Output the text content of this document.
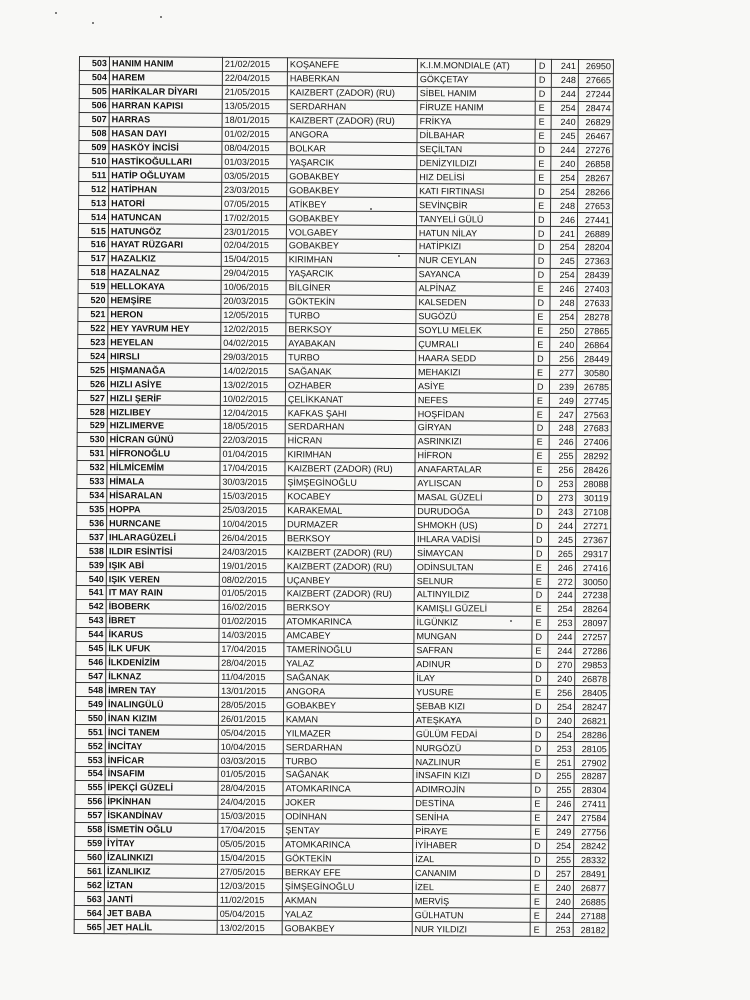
503	HANIM HANIM	21/02/2015	KOŞANEFE	K.I.M.MONDIALE (AT)	D	241	26950
504	HAREM	22/04/2015	HABERKAN	GÖKÇETAY	D	248	27665
505	HARİKALAR DİYARI	21/05/2015	KAIZBERT (ZADOR) (RU)	SİBEL HANIM	D	244	27244
506	HARRAN KAPISI	13/05/2015	SERDARHAN	FİRUZE HANIM	E	254	28474
507	HARRAS	18/01/2015	KAIZBERT (ZADOR) (RU)	FRİKYA	E	240	26829
508	HASAN DAYI	01/02/2015	ANGORA	DİLBAHAR	E	245	26467
509	HASKÖY İNCİSİ	08/04/2015	BOLKAR	SEÇİLTAN	D	244	27276
510	HASTİKOĞULLARI	01/03/2015	YAŞARCIK	DENİZYILDIZI	E	240	26858
511	HATİP OĞLUYAM	03/05/2015	GOBAKBEY	HIZ DELİSİ	E	254	28267
512	HATİPHAN	23/03/2015	GOBAKBEY	KATI FIRTINASI	D	254	28266
513	HATORİ	07/05/2015	ATİKBEY	SEVİNÇBİR	E	248	27653
514	HATUNCAN	17/02/2015	GOBAKBEY	TANYELİ GÜLÜ	D	246	27441
515	HATUNGÖZ	23/01/2015	VOLGABEY	HATUN NİLAY	D	241	26889
516	HAYAT RÜZGARI	02/04/2015	GOBAKBEY	HATİPKIZI	D	254	28204
517	HAZALKIZ	15/04/2015	KIRIMHAN	NUR CEYLAN	D	245	27363
518	HAZALNAZ	29/04/2015	YAŞARCIK	SAYANCA	D	254	28439
519	HELLOKAYA	10/06/2015	BİLGİNER	ALPİNAZ	E	246	27403
520	HEMŞİRE	20/03/2015	GÖKTEKİN	KALSEDEN	D	248	27633
521	HERON	12/05/2015	TURBO	SUGÖZÜ	E	254	28278
522	HEY YAVRUM HEY	12/02/2015	BERKSOY	SOYLU MELEK	E	250	27865
523	HEYELAN	04/02/2015	AYABAKAN	ÇUMRALI	E	240	26864
524	HIRSLI	29/03/2015	TURBO	HAARA SEDD	D	256	28449
525	HIŞMANAĞA	14/02/2015	SAĞANAK	MEHAKIZI	E	277	30580
526	HIZLI ASİYE	13/02/2015	OZHABER	ASİYE	D	239	26785
527	HIZLI ŞERİF	10/02/2015	ÇELİKKANAT	NEFES	E	249	27745
528	HIZLIBEY	12/04/2015	KAFKAS ŞAHI	HOŞFİDAN	E	247	27563
529	HIZLIMERVE	18/05/2015	SERDARHAN	GİRYAN	D	248	27683
530	HİCRAN GÜNÜ	22/03/2015	HİCRAN	ASRINKIZI	E	246	27406
531	HİFRONOĞLU	01/04/2015	KIRIMHAN	HİFRON	E	255	28292
532	HİLMİCEMİM	17/04/2015	KAIZBERT (ZADOR) (RU)	ANAFARTALAR	E	256	28426
533	HİMALA	30/03/2015	ŞİMŞEGİNOĞLU	AYLISCAN	D	253	28088
534	HİSARALAN	15/03/2015	KOCABEY	MASAL GÜZELİ	D	273	30119
535	HOPPA	25/03/2015	KARAKEMAL	DURUDOĞA	D	243	27108
536	HURNCANE	10/04/2015	DURMAZER	SHMOKH (US)	D	244	27271
537	IHLARAGÜZELİ	26/04/2015	BERKSOY	IHLARA VADİSİ	D	245	27367
538	ILDIR ESİNTİSİ	24/03/2015	KAIZBERT (ZADOR) (RU)	SİMAYCAN	D	265	29317
539	IŞIK ABİ	19/01/2015	KAIZBERT (ZADOR) (RU)	ODİNSULTAN	E	246	27416
540	IŞIK VEREN	08/02/2015	UÇANBEY	SELNUR	E	272	30050
541	IT MAY RAIN	01/05/2015	KAIZBERT (ZADOR) (RU)	ALTINYILDIZ	D	244	27238
542	İBOBERK	16/02/2015	BERKSOY	KAMIŞLI GÜZELİ	E	254	28264
543	İBRET	01/02/2015	ATOMKARINCA	İLGÜNKIZ	E	253	28097
544	İKARUS	14/03/2015	AMCABEY	MUNGAN	D	244	27257
545	İLK UFUK	17/04/2015	TAMERİNOĞLU	SAFRAN	E	244	27286
546	İLKDENİZİM	28/04/2015	YALAZ	ADINUR	D	270	29853
547	İLKNAZ	11/04/2015	SAĞANAK	İLAY	D	240	26878
548	İMREN TAY	13/01/2015	ANGORA	YUSURE	E	256	28405
549	İNALINGÜLÜ	28/05/2015	GOBAKBEY	ŞEBAB KIZI	D	254	28247
550	İNAN KIZIM	26/01/2015	KAMAN	ATEŞKAYA	D	240	26821
551	İNCİ TANEM	05/04/2015	YILMAZER	GÜLÜM FEDAİ	D	254	28286
552	İNCİTAY	10/04/2015	SERDARHAN	NURGÖZÜ	D	253	28105
553	İNFİCAR	03/03/2015	TURBO	NAZLINUR	E	251	27902
554	İNSAFIM	01/05/2015	SAĞANAK	İNSAFIN KIZI	D	255	28287
555	İPEKÇİ GÜZELİ	28/04/2015	ATOMKARINCA	ADIMROJİN	D	255	28304
556	İPKİNHAN	24/04/2015	JOKER	DESTİNA	E	246	27411
557	İSKANDİNAV	15/03/2015	ODİNHAN	SENİHA	E	247	27584
558	İSMETİN OĞLU	17/04/2015	ŞENTAY	PİRAYE	E	249	27756
559	İYİTAY	05/05/2015	ATOMKARINCA	İYİHABER	D	254	28242
560	İZALINKIZI	15/04/2015	GÖKTEKİN	İZAL	D	255	28332
561	İZANLIKIZ	27/05/2015	BERKAY EFE	CANANIM	D	257	28491
562	İZTAN	12/03/2015	ŞİMŞEGİNOĞLU	İZEL	E	240	26877
563	JANTİ	11/02/2015	AKMAN	MERVİŞ	E	240	26885
564	JET BABA	05/04/2015	YALAZ	GÜLHATUN	E	244	27188
565	JET HALİL	13/02/2015	GOBAKBEY	NUR YILDIZI	E	253	28182
